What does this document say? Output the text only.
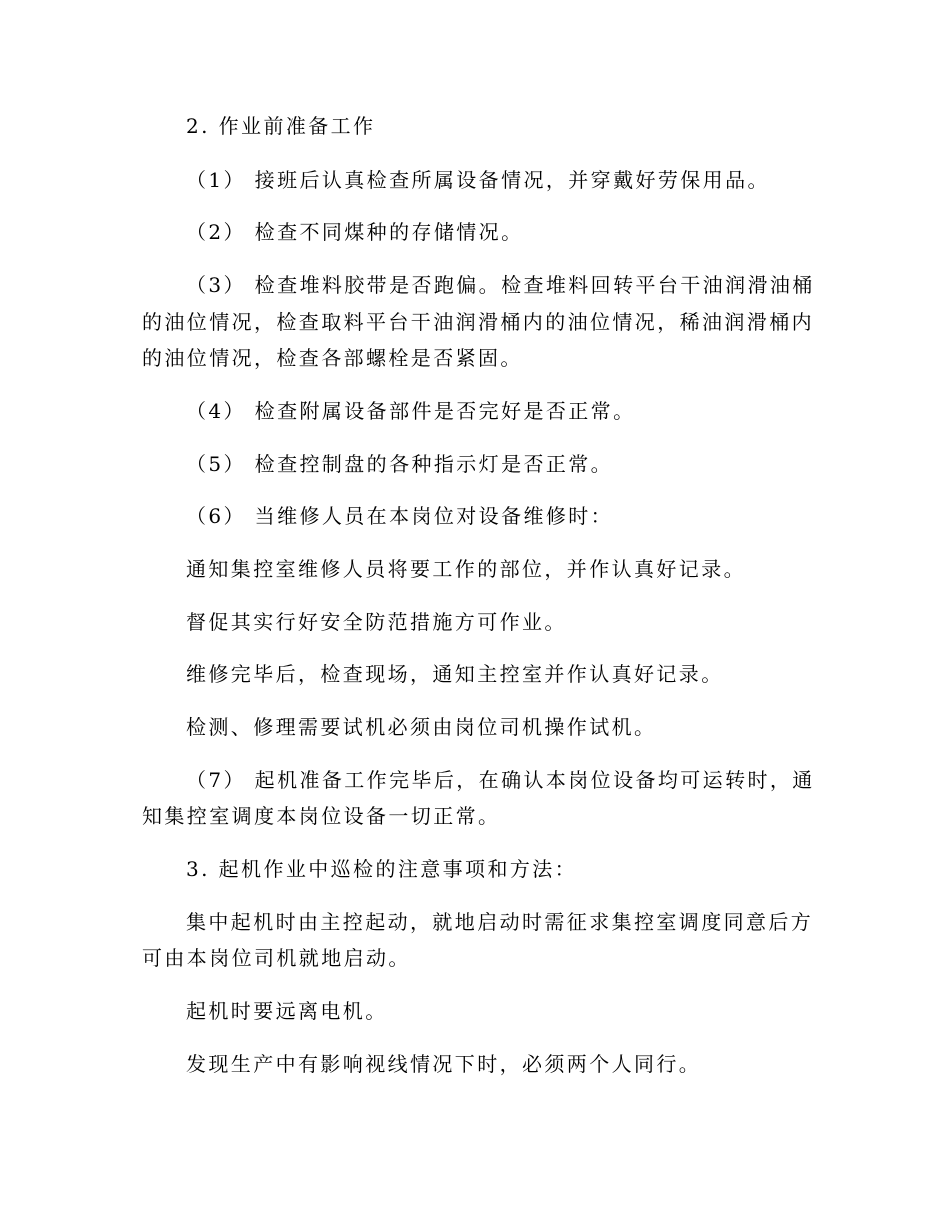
2. 作业前准备工作
（1） 接班后认真检查所属设备情况，并穿戴好劳保用品。
（2） 检查不同煤种的存储情况。
（3） 检查堆料胶带是否跑偏。检查堆料回转平台干油润滑油桶
的油位情况，检查取料平台干油润滑桶内的油位情况，稀油润滑桶内
的油位情况，检查各部螺栓是否紧固。
（4） 检查附属设备部件是否完好是否正常。
（5） 检查控制盘的各种指示灯是否正常。
（6） 当维修人员在本岗位对设备维修时：
通知集控室维修人员将要工作的部位，并作认真好记录。
督促其实行好安全防范措施方可作业。
维修完毕后，检查现场，通知主控室并作认真好记录。
检测、修理需要试机必须由岗位司机操作试机。
（7） 起机准备工作完毕后，在确认本岗位设备均可运转时，通
知集控室调度本岗位设备一切正常。
3. 起机作业中巡检的注意事项和方法：
集中起机时由主控起动，就地启动时需征求集控室调度同意后方
可由本岗位司机就地启动。
起机时要远离电机。
发现生产中有影响视线情况下时，必须两个人同行。
